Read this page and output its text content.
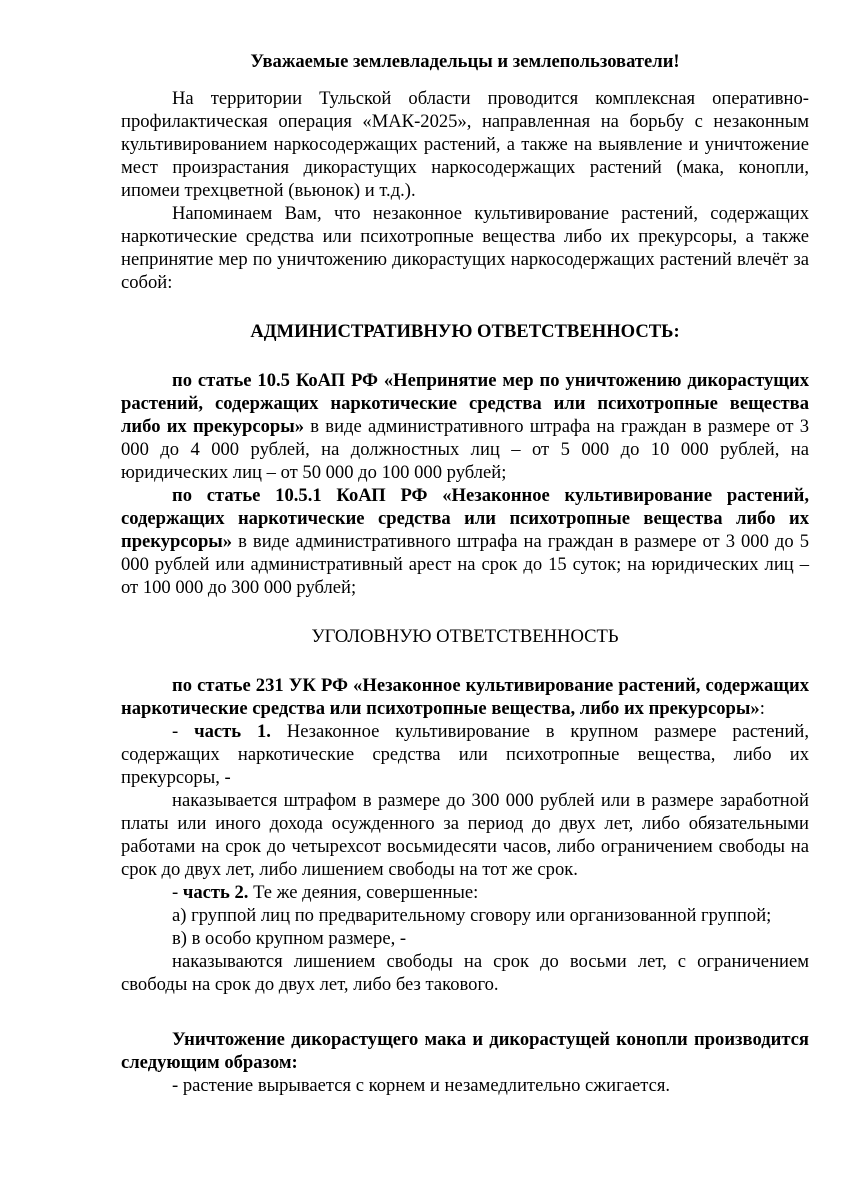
Уважаемые землевладельцы и землепользователи!

На территории Тульской области проводится комплексная оперативно-профилактическая операция «МАК-2025», направленная на борьбу с незаконным культивированием наркосодержащих растений, а также на выявление и уничтожение мест произрастания дикорастущих наркосодержащих растений (мака, конопли, ипомеи трехцветной (вьюнок) и т.д.).

Напоминаем Вам, что незаконное культивирование растений, содержащих наркотические средства или психотропные вещества либо их прекурсоры, а также непринятие мер по уничтожению дикорастущих наркосодержащих растений влечёт за собой:

АДМИНИСТРАТИВНУЮ ОТВЕТСТВЕННОСТЬ:

по статье 10.5 КоАП РФ «Непринятие мер по уничтожению дикорастущих растений, содержащих наркотические средства или психотропные вещества либо их прекурсоры» в виде административного штрафа на граждан в размере от 3 000 до 4 000 рублей, на должностных лиц – от 5 000 до 10 000 рублей, на юридических лиц – от 50 000 до 100 000 рублей;

по статье 10.5.1 КоАП РФ «Незаконное культивирование растений, содержащих наркотические средства или психотропные вещества либо их прекурсоры» в виде административного штрафа на граждан в размере от 3 000 до 5 000 рублей или административный арест на срок до 15 суток; на юридических лиц – от 100 000 до 300 000 рублей;

УГОЛОВНУЮ ОТВЕТСТВЕННОСТЬ

по статье 231 УК РФ «Незаконное культивирование растений, содержащих наркотические средства или психотропные вещества, либо их прекурсоры»:

- часть 1. Незаконное культивирование в крупном размере растений, содержащих наркотические средства или психотропные вещества, либо их прекурсоры, -

наказывается штрафом в размере до 300 000 рублей или в размере заработной платы или иного дохода осужденного за период до двух лет, либо обязательными работами на срок до четырехсот восьмидесяти часов, либо ограничением свободы на срок до двух лет, либо лишением свободы на тот же срок.

- часть 2. Те же деяния, совершенные:

а) группой лиц по предварительному сговору или организованной группой;

в) в особо крупном размере, -

наказываются лишением свободы на срок до восьми лет, с ограничением свободы на срок до двух лет, либо без такового.

Уничтожение дикорастущего мака и дикорастущей конопли производится следующим образом:

- растение вырывается с корнем и незамедлительно сжигается.
